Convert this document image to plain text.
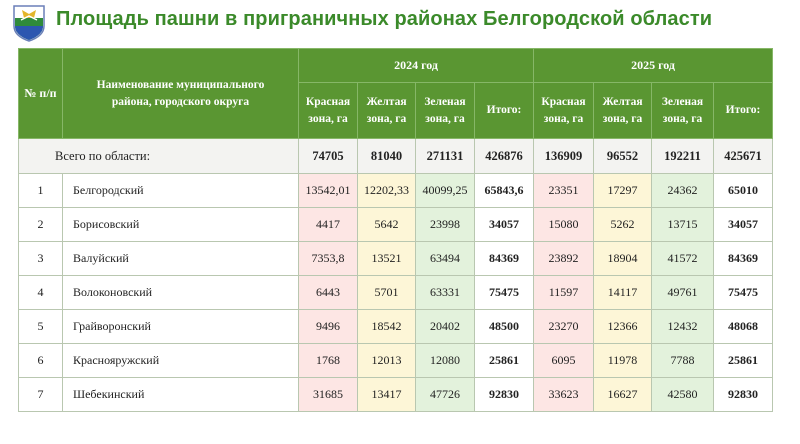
Площадь пашни в приграничных районах Белгородской области
№ п/п	Наименование муниципального района, городского округа	2024 год				2025 год			
		Красная зона, га	Желтая зона, га	Зеленая зона, га	Итого:	Красная зона, га	Желтая зона, га	Зеленая зона, га	Итого:
Всего по области:		74705	81040	271131	426876	136909	96552	192211	425671
1	Белгородский	13542,01	12202,33	40099,25	65843,6	23351	17297	24362	65010
2	Борисовский	4417	5642	23998	34057	15080	5262	13715	34057
3	Валуйский	7353,8	13521	63494	84369	23892	18904	41572	84369
4	Волоконовский	6443	5701	63331	75475	11597	14117	49761	75475
5	Грайворонский	9496	18542	20402	48500	23270	12366	12432	48068
6	Краснояружский	1768	12013	12080	25861	6095	11978	7788	25861
7	Шебекинский	31685	13417	47726	92830	33623	16627	42580	92830
